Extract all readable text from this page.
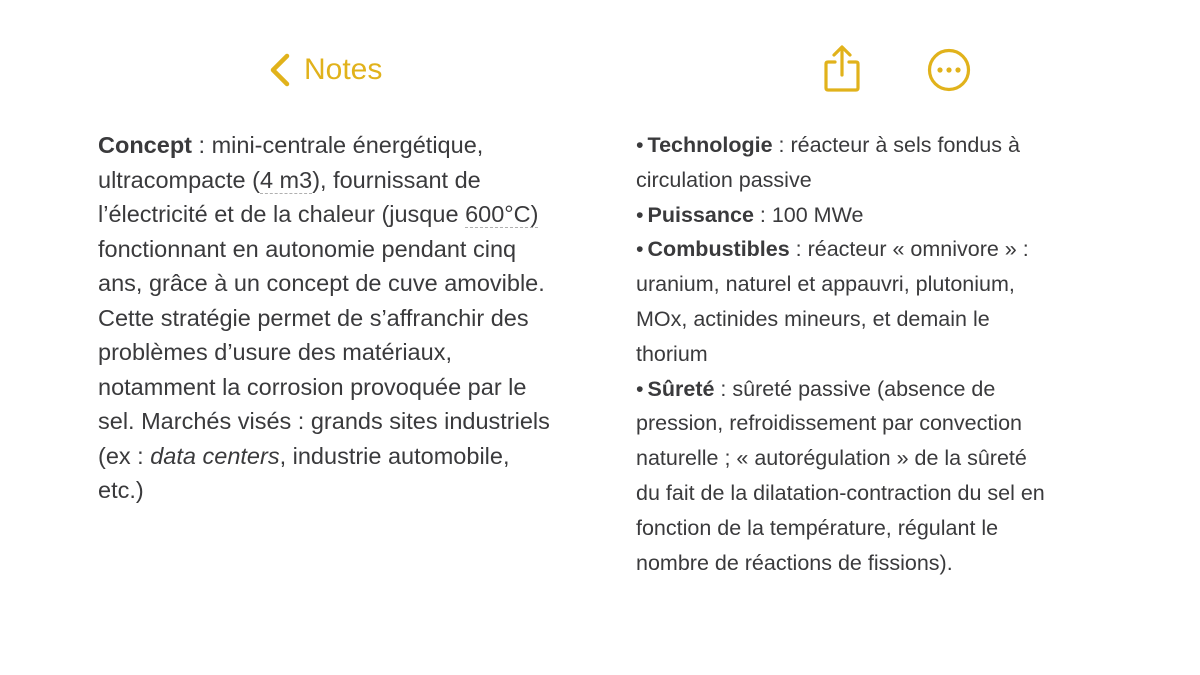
Notes
Concept : mini-centrale énergétique,
ultracompacte (4 m3), fournissant de
l’électricité et de la chaleur (jusque 600°C)
fonctionnant en autonomie pendant cinq
ans, grâce à un concept de cuve amovible.
Cette stratégie permet de s’affranchir des
problèmes d’usure des matériaux,
notamment la corrosion provoquée par le
sel. Marchés visés : grands sites industriels
(ex : data centers, industrie automobile,
etc.)
• Technologie : réacteur à sels fondus à
circulation passive
• Puissance : 100 MWe
• Combustibles : réacteur « omnivore » :
uranium, naturel et appauvri, plutonium,
MOx, actinides mineurs, et demain le
thorium
• Sûreté : sûreté passive (absence de
pression, refroidissement par convection
naturelle ; « autorégulation » de la sûreté
du fait de la dilatation-contraction du sel en
fonction de la température, régulant le
nombre de réactions de fissions).
